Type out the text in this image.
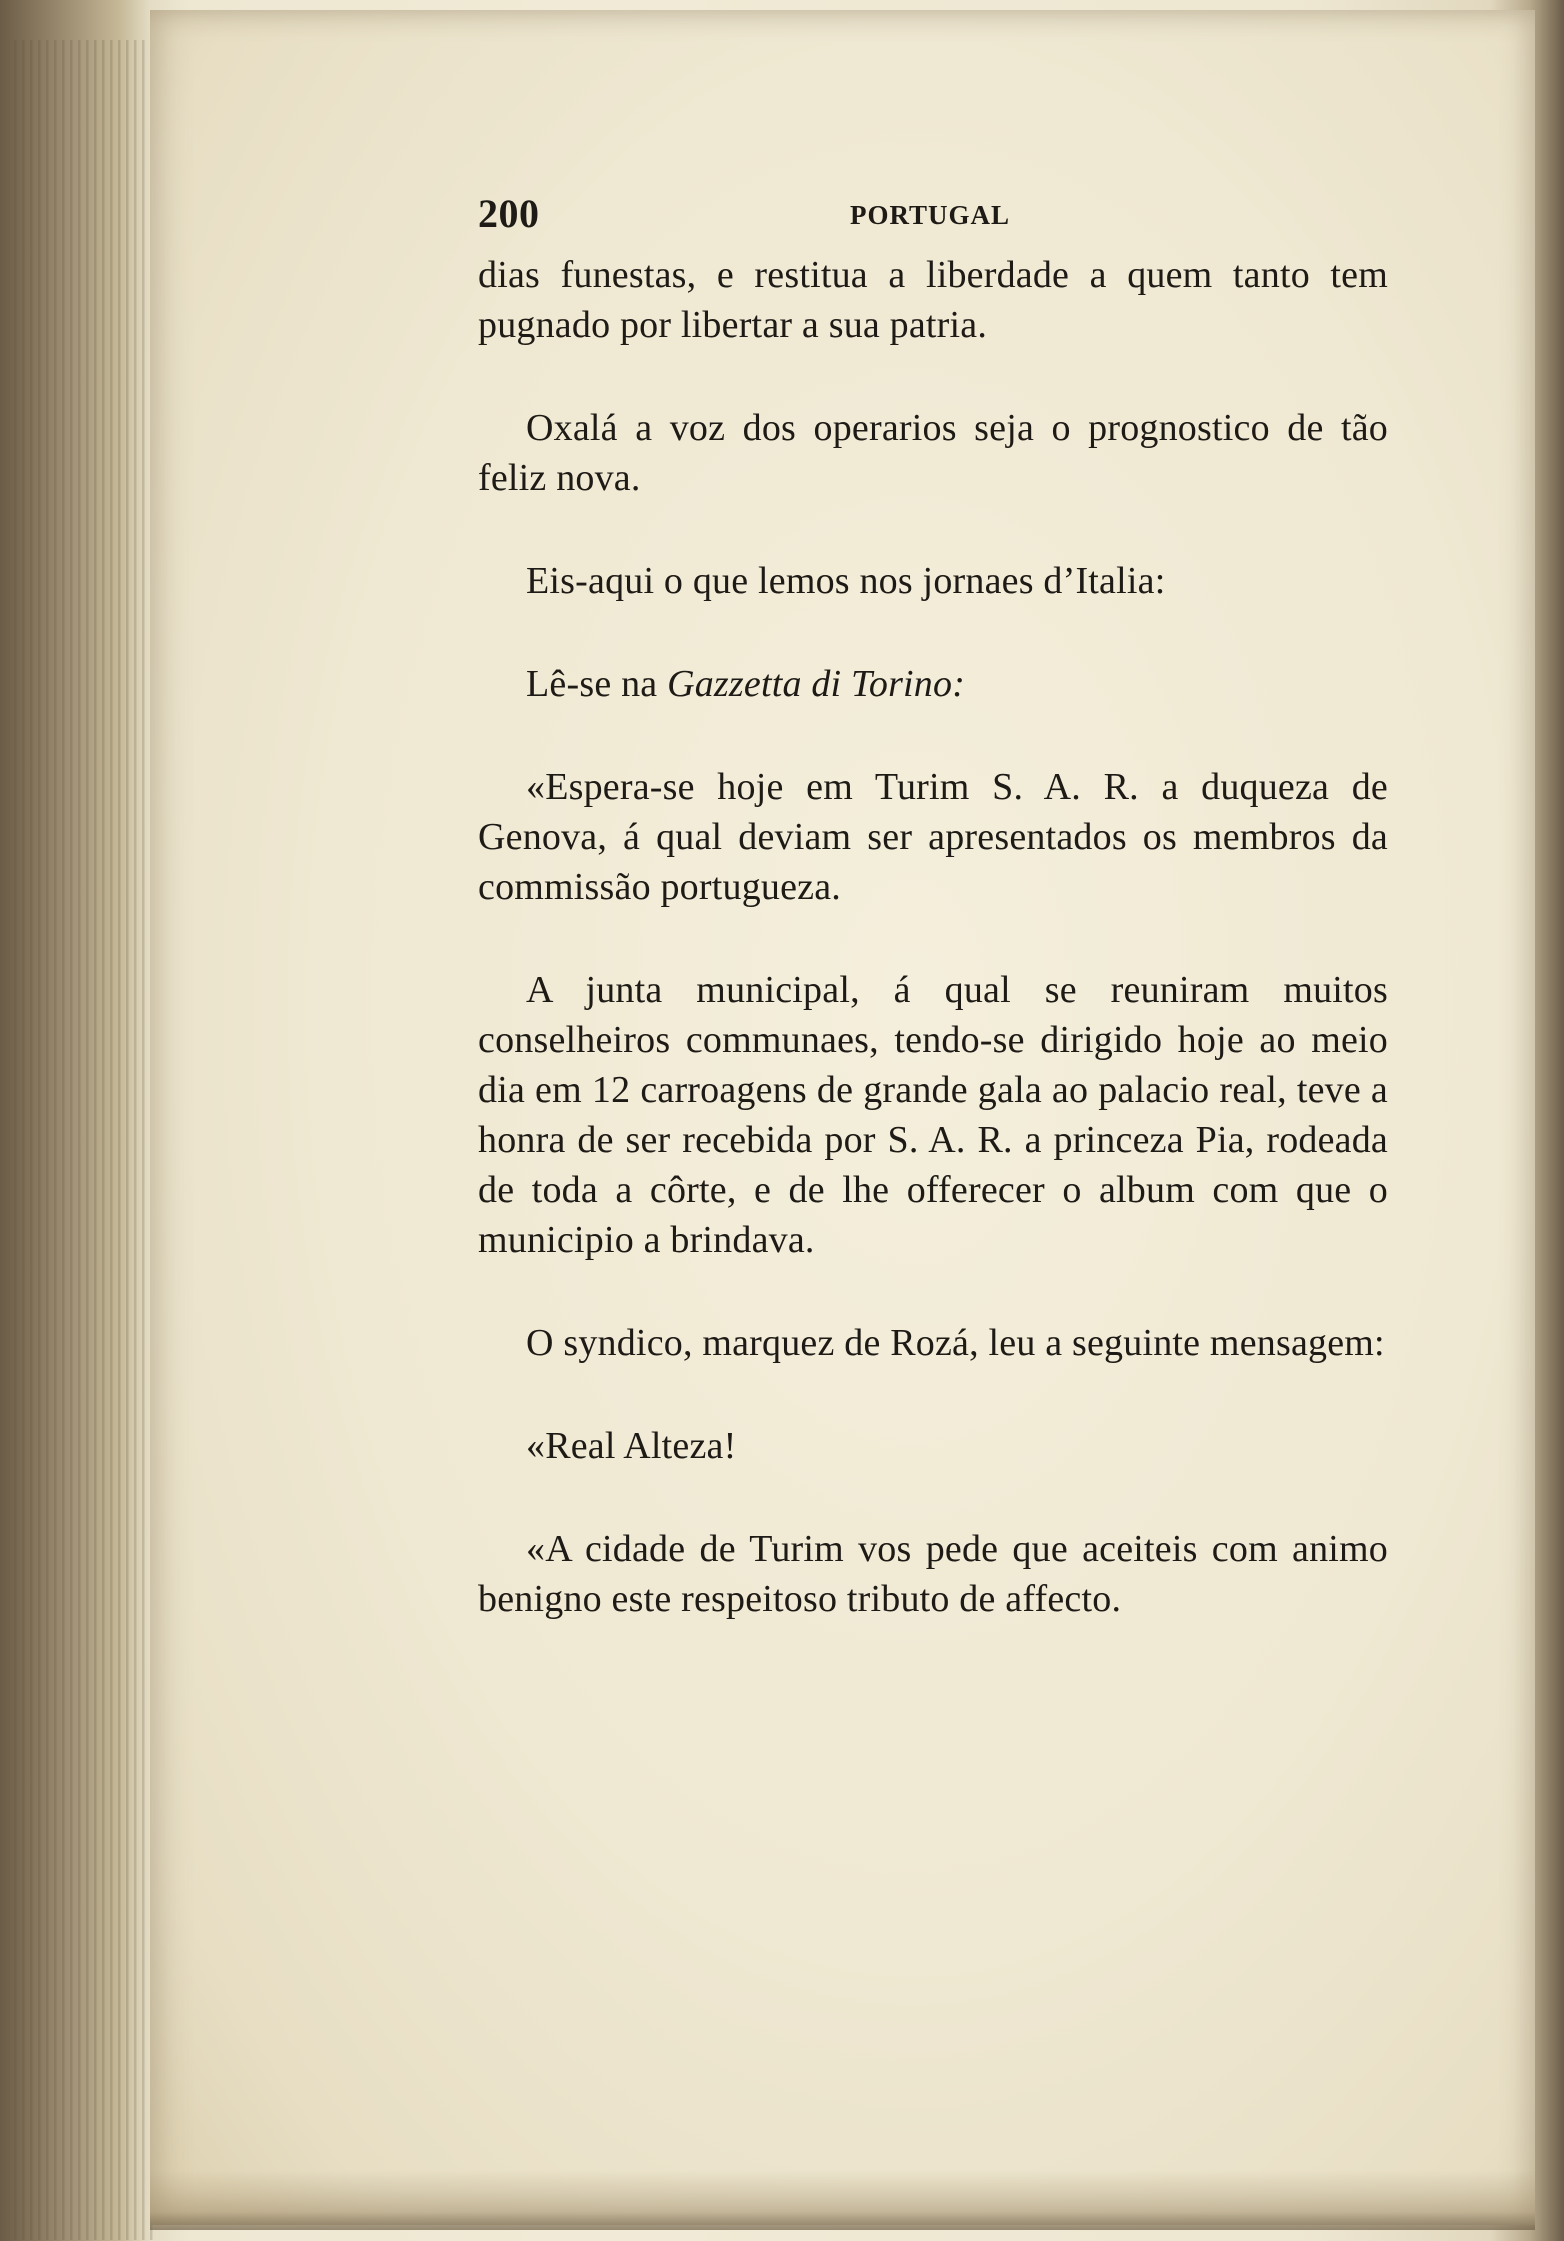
200	PORTUGAL

dias funestas, e restitua a liberdade a quem tanto tem pugnado por libertar a sua patria.

Oxalá a voz dos operarios seja o prognostico de tão feliz nova.

Eis-aqui o que lemos nos jornaes d’Italia:

Lê-se na Gazzetta di Torino:

«Espera-se hoje em Turim S. A. R. a duqueza de Genova, á qual deviam ser apresentados os membros da commissão portugueza.

A junta municipal, á qual se reuniram muitos conselheiros communaes, tendo-se dirigido hoje ao meio dia em 12 carroagens de grande gala ao palacio real, teve a honra de ser recebida por S. A. R. a princeza Pia, rodeada de toda a côrte, e de lhe offerecer o album com que o municipio a brindava.

O syndico, marquez de Rozá, leu a seguinte mensagem:

«Real Alteza!

«A cidade de Turim vos pede que aceiteis com animo benigno este respeitoso tributo de affecto.
